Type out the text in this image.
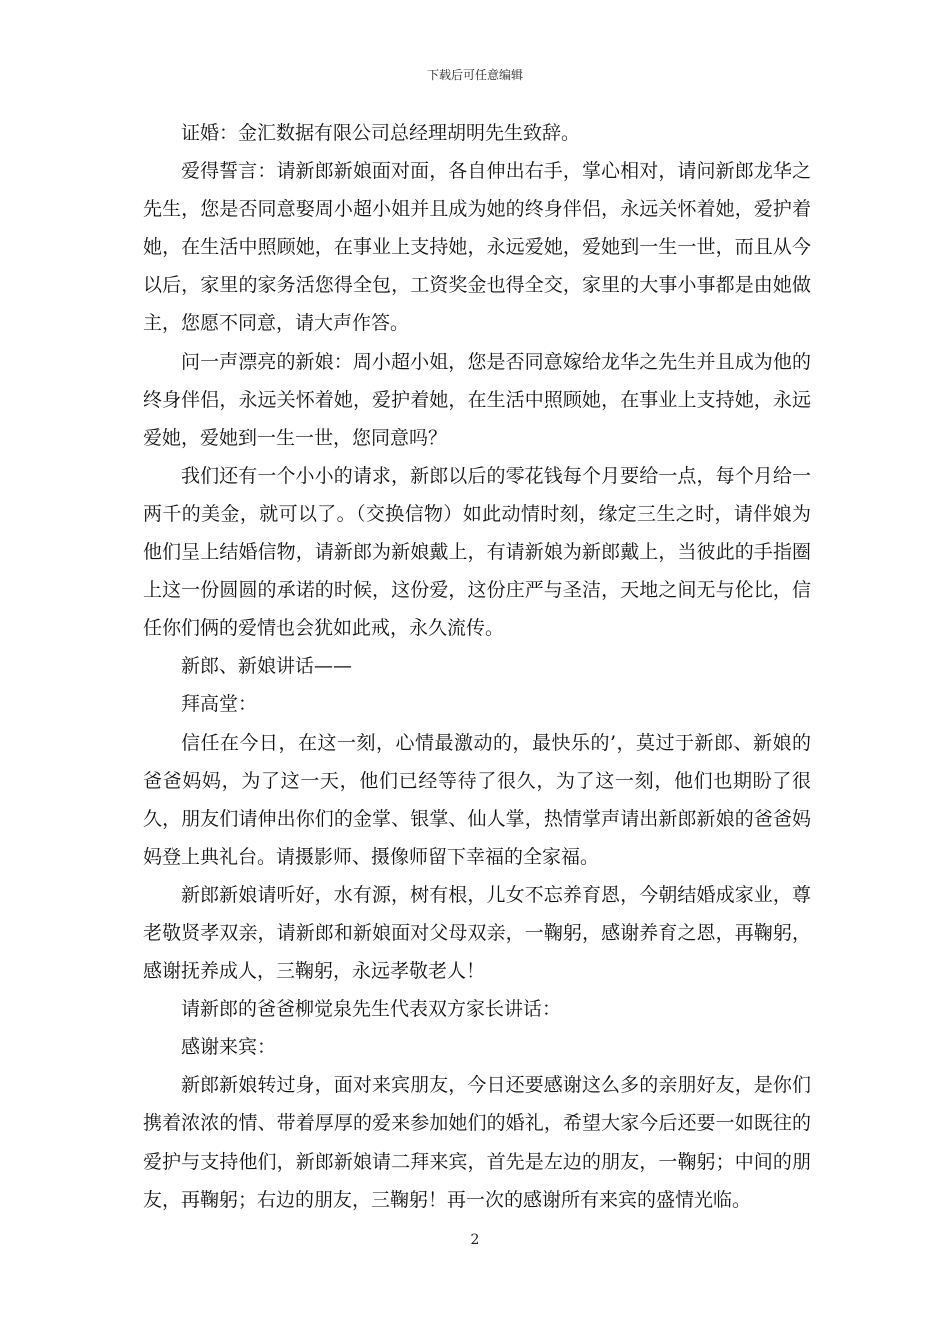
下载后可任意编辑

证婚：金汇数据有限公司总经理胡明先生致辞。

爱得誓言：请新郎新娘面对面，各自伸出右手，掌心相对，请问新郎龙华之先生，您是否同意娶周小超小姐并且成为她的终身伴侣，永远关怀着她，爱护着她，在生活中照顾她，在事业上支持她，永远爱她，爱她到一生一世，而且从今以后，家里的家务活您得全包，工资奖金也得全交，家里的大事小事都是由她做主，您愿不同意，请大声作答。

问一声漂亮的新娘：周小超小姐，您是否同意嫁给龙华之先生并且成为他的终身伴侣，永远关怀着她，爱护着她，在生活中照顾她，在事业上支持她，永远爱她，爱她到一生一世，您同意吗？

我们还有一个小小的请求，新郎以后的零花钱每个月要给一点，每个月给一两千的美金，就可以了。（交换信物）如此动情时刻，缘定三生之时，请伴娘为他们呈上结婚信物，请新郎为新娘戴上，有请新娘为新郎戴上，当彼此的手指圈上这一份圆圆的承诺的时候，这份爱，这份庄严与圣洁，天地之间无与伦比，信任你们俩的爱情也会犹如此戒，永久流传。

新郎、新娘讲话——

拜高堂：

信任在今日，在这一刻，心情最激动的，最快乐的’，莫过于新郎、新娘的爸爸妈妈，为了这一天，他们已经等待了很久，为了这一刻，他们也期盼了很久，朋友们请伸出你们的金掌、银掌、仙人掌，热情掌声请出新郎新娘的爸爸妈妈登上典礼台。请摄影师、摄像师留下幸福的全家福。

新郎新娘请听好，水有源，树有根，儿女不忘养育恩，今朝结婚成家业，尊老敬贤孝双亲，请新郎和新娘面对父母双亲，一鞠躬，感谢养育之恩，再鞠躬，感谢抚养成人，三鞠躬，永远孝敬老人！

请新郎的爸爸柳觉泉先生代表双方家长讲话：

感谢来宾：

新郎新娘转过身，面对来宾朋友，今日还要感谢这么多的亲朋好友，是你们携着浓浓的情、带着厚厚的爱来参加她们的婚礼，希望大家今后还要一如既往的爱护与支持他们，新郎新娘请二拜来宾，首先是左边的朋友，一鞠躬；中间的朋友，再鞠躬；右边的朋友，三鞠躬！再一次的感谢所有来宾的盛情光临。

2
